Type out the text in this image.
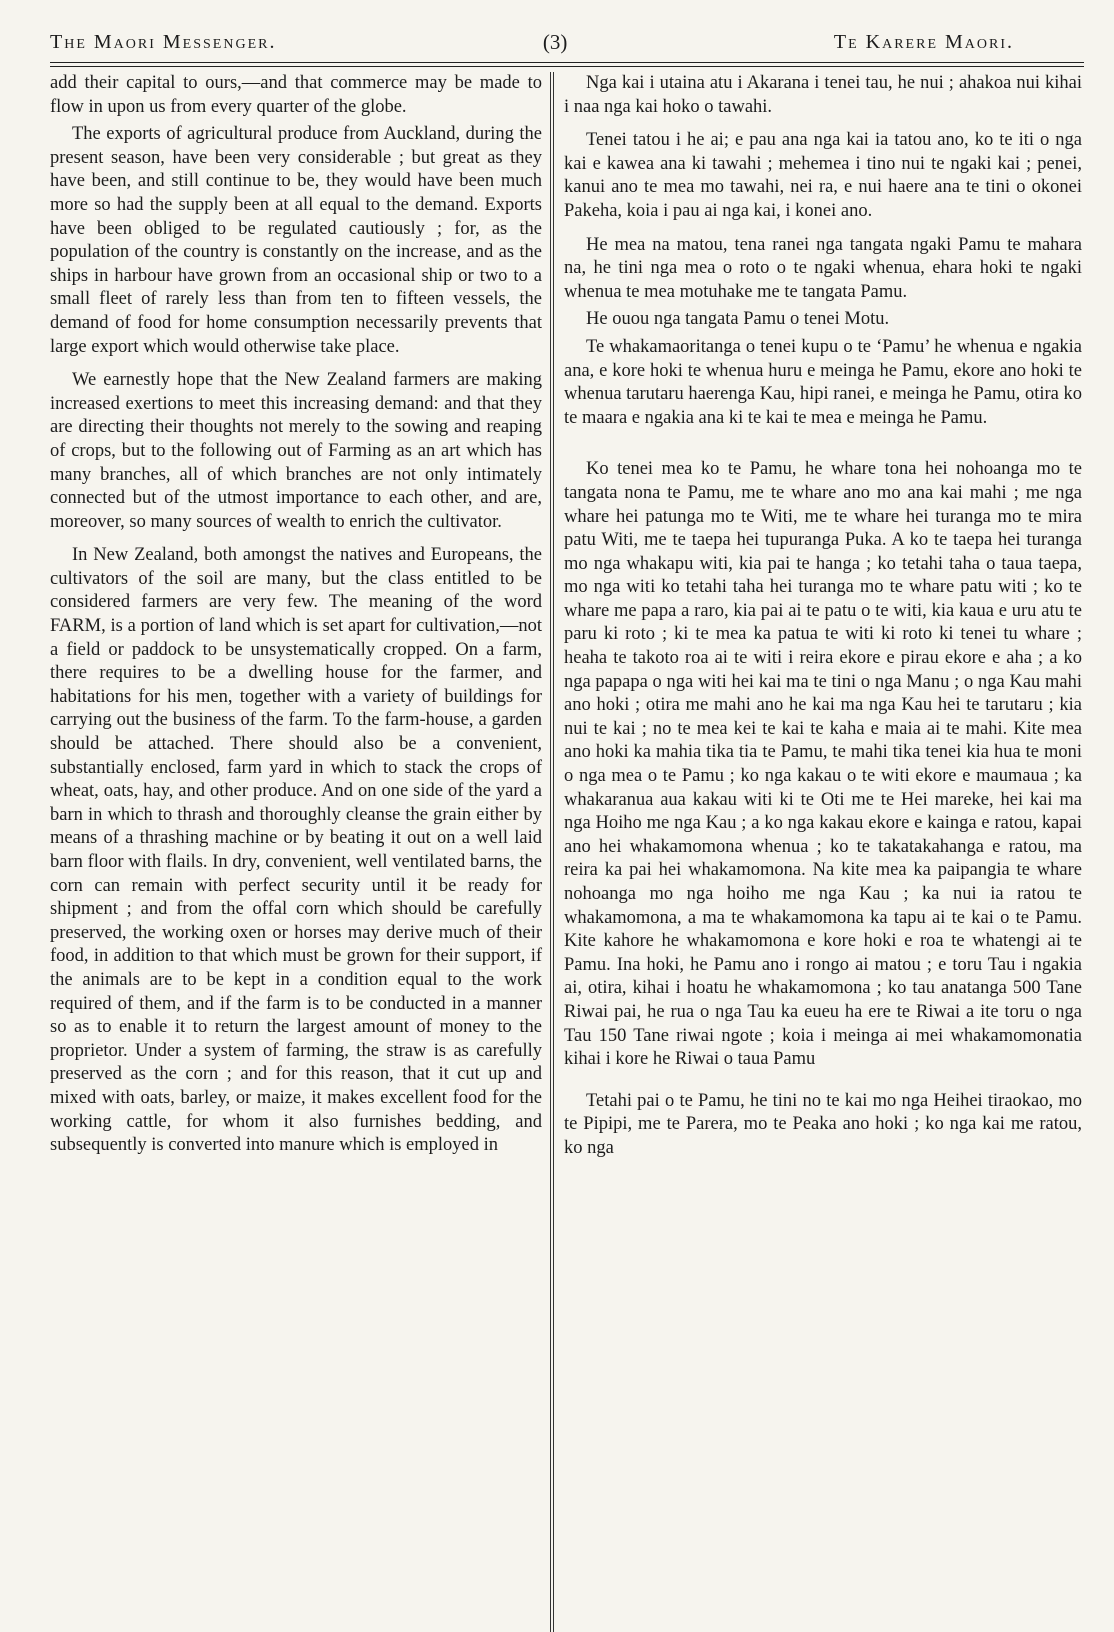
The Maori Messenger.	(3)	Te Karere Maori.

add their capital to ours,—and that commerce may be made to flow in upon us from every quarter of the globe.

The exports of agricultural produce from Auckland, during the present season, have been very considerable ; but great as they have been, and still continue to be, they would have been much more so had the supply been at all equal to the demand. Exports have been obliged to be regulated cautiously ; for, as the population of the country is constantly on the increase, and as the ships in harbour have grown from an occasional ship or two to a small fleet of rarely less than from ten to fifteen vessels, the demand of food for home consumption necessarily prevents that large export which would otherwise take place.

We earnestly hope that the New Zealand farmers are making increased exertions to meet this increasing demand: and that they are directing their thoughts not merely to the sowing and reaping of crops, but to the following out of Farming as an art which has many branches, all of which branches are not only intimately connected but of the utmost importance to each other, and are, moreover, so many sources of wealth to enrich the cultivator.

In New Zealand, both amongst the natives and Europeans, the cultivators of the soil are many, but the class entitled to be considered farmers are very few. The meaning of the word FARM, is a portion of land which is set apart for cultivation,—not a field or paddock to be unsystematically cropped. On a farm, there requires to be a dwelling house for the farmer, and habitations for his men, together with a variety of buildings for carrying out the business of the farm. To the farm-house, a garden should be attached. There should also be a convenient, substantially enclosed, farm yard in which to stack the crops of wheat, oats, hay, and other produce. And on one side of the yard a barn in which to thrash and thoroughly cleanse the grain either by means of a thrashing machine or by beating it out on a well laid barn floor with flails. In dry, convenient, well ventilated barns, the corn can remain with perfect security until it be ready for shipment ; and from the offal corn which should be carefully preserved, the working oxen or horses may derive much of their food, in addition to that which must be grown for their support, if the animals are to be kept in a condition equal to the work required of them, and if the farm is to be conducted in a manner so as to enable it to return the largest amount of money to the proprietor. Under a system of farming, the straw is as carefully preserved as the corn ; and for this reason, that it cut up and mixed with oats, barley, or maize, it makes excellent food for the working cattle, for whom it also furnishes bedding, and subsequently is converted into manure which is employed in

Nga kai i utaina atu i Akarana i tenei tau, he nui ; ahakoa nui kihai i naa nga kai hoko o tawahi.

Tenei tatou i he ai; e pau ana nga kai ia tatou ano, ko te iti o nga kai e kawea ana ki tawahi ; mehemea i tino nui te ngaki kai ; penei, kanui ano te mea mo tawahi, nei ra, e nui haere ana te tini o okonei Pakeha, koia i pau ai nga kai, i konei ano.

He mea na matou, tena ranei nga tangata ngaki Pamu te mahara na, he tini nga mea o roto o te ngaki whenua, ehara hoki te ngaki whenua te mea motuhake me te tangata Pamu.

He ouou nga tangata Pamu o tenei Motu.

Te whakamaoritanga o tenei kupu o te ‘Pamu’ he whenua e ngakia ana, e kore hoki te whenua huru e meinga he Pamu, ekore ano hoki te whenua tarutaru haerenga Kau, hipi ranei, e meinga he Pamu, otira ko te maara e ngakia ana ki te kai te mea e meinga he Pamu.

Ko tenei mea ko te Pamu, he whare tona hei nohoanga mo te tangata nona te Pamu, me te whare ano mo ana kai mahi ; me nga whare hei patunga mo te Witi, me te whare hei turanga mo te mira patu Witi, me te taepa hei tupuranga Puka. A ko te taepa hei turanga mo nga whakapu witi, kia pai te hanga ; ko tetahi taha o taua taepa, mo nga witi ko tetahi taha hei turanga mo te whare patu witi ; ko te whare me papa a raro, kia pai ai te patu o te witi, kia kaua e uru atu te paru ki roto ; ki te mea ka patua te witi ki roto ki tenei tu whare ; heaha te takoto roa ai te witi i reira ekore e pirau ekore e aha ; a ko nga papapa o nga witi hei kai ma te tini o nga Manu ; o nga Kau mahi ano hoki ; otira me mahi ano he kai ma nga Kau hei te tarutaru ; kia nui te kai ; no te mea kei te kai te kaha e maia ai te mahi. Kite mea ano hoki ka mahia tika tia te Pamu, te mahi tika tenei kia hua te moni o nga mea o te Pamu ; ko nga kakau o te witi ekore e maumaua ; ka whakaranua aua kakau witi ki te Oti me te Hei mareke, hei kai ma nga Hoiho me nga Kau ; a ko nga kakau ekore e kainga e ratou, kapai ano hei whakamomona whenua ; ko te takatakahanga e ratou, ma reira ka pai hei whakamomona. Na kite mea ka paipangia te whare nohoanga mo nga hoiho me nga Kau ; ka nui ia ratou te whakamomona, a ma te whakamomona ka tapu ai te kai o te Pamu. Kite kahore he whakamomona e kore hoki e roa te whatengi ai te Pamu. Ina hoki, he Pamu ano i rongo ai matou ; e toru Tau i ngakia ai, otira, kihai i hoatu he whakamomona ; ko tau anatanga 500 Tane Riwai pai, he rua o nga Tau ka eueu ha ere te Riwai a ite toru o nga Tau 150 Tane riwai ngote ; koia i meinga ai mei whakamomonatia kihai i kore he Riwai o taua Pamu

Tetahi pai o te Pamu, he tini no te kai mo nga Heihei tiraokao, mo te Pipipi, me te Parera, mo te Peaka ano hoki ; ko nga kai me ratou, ko nga
